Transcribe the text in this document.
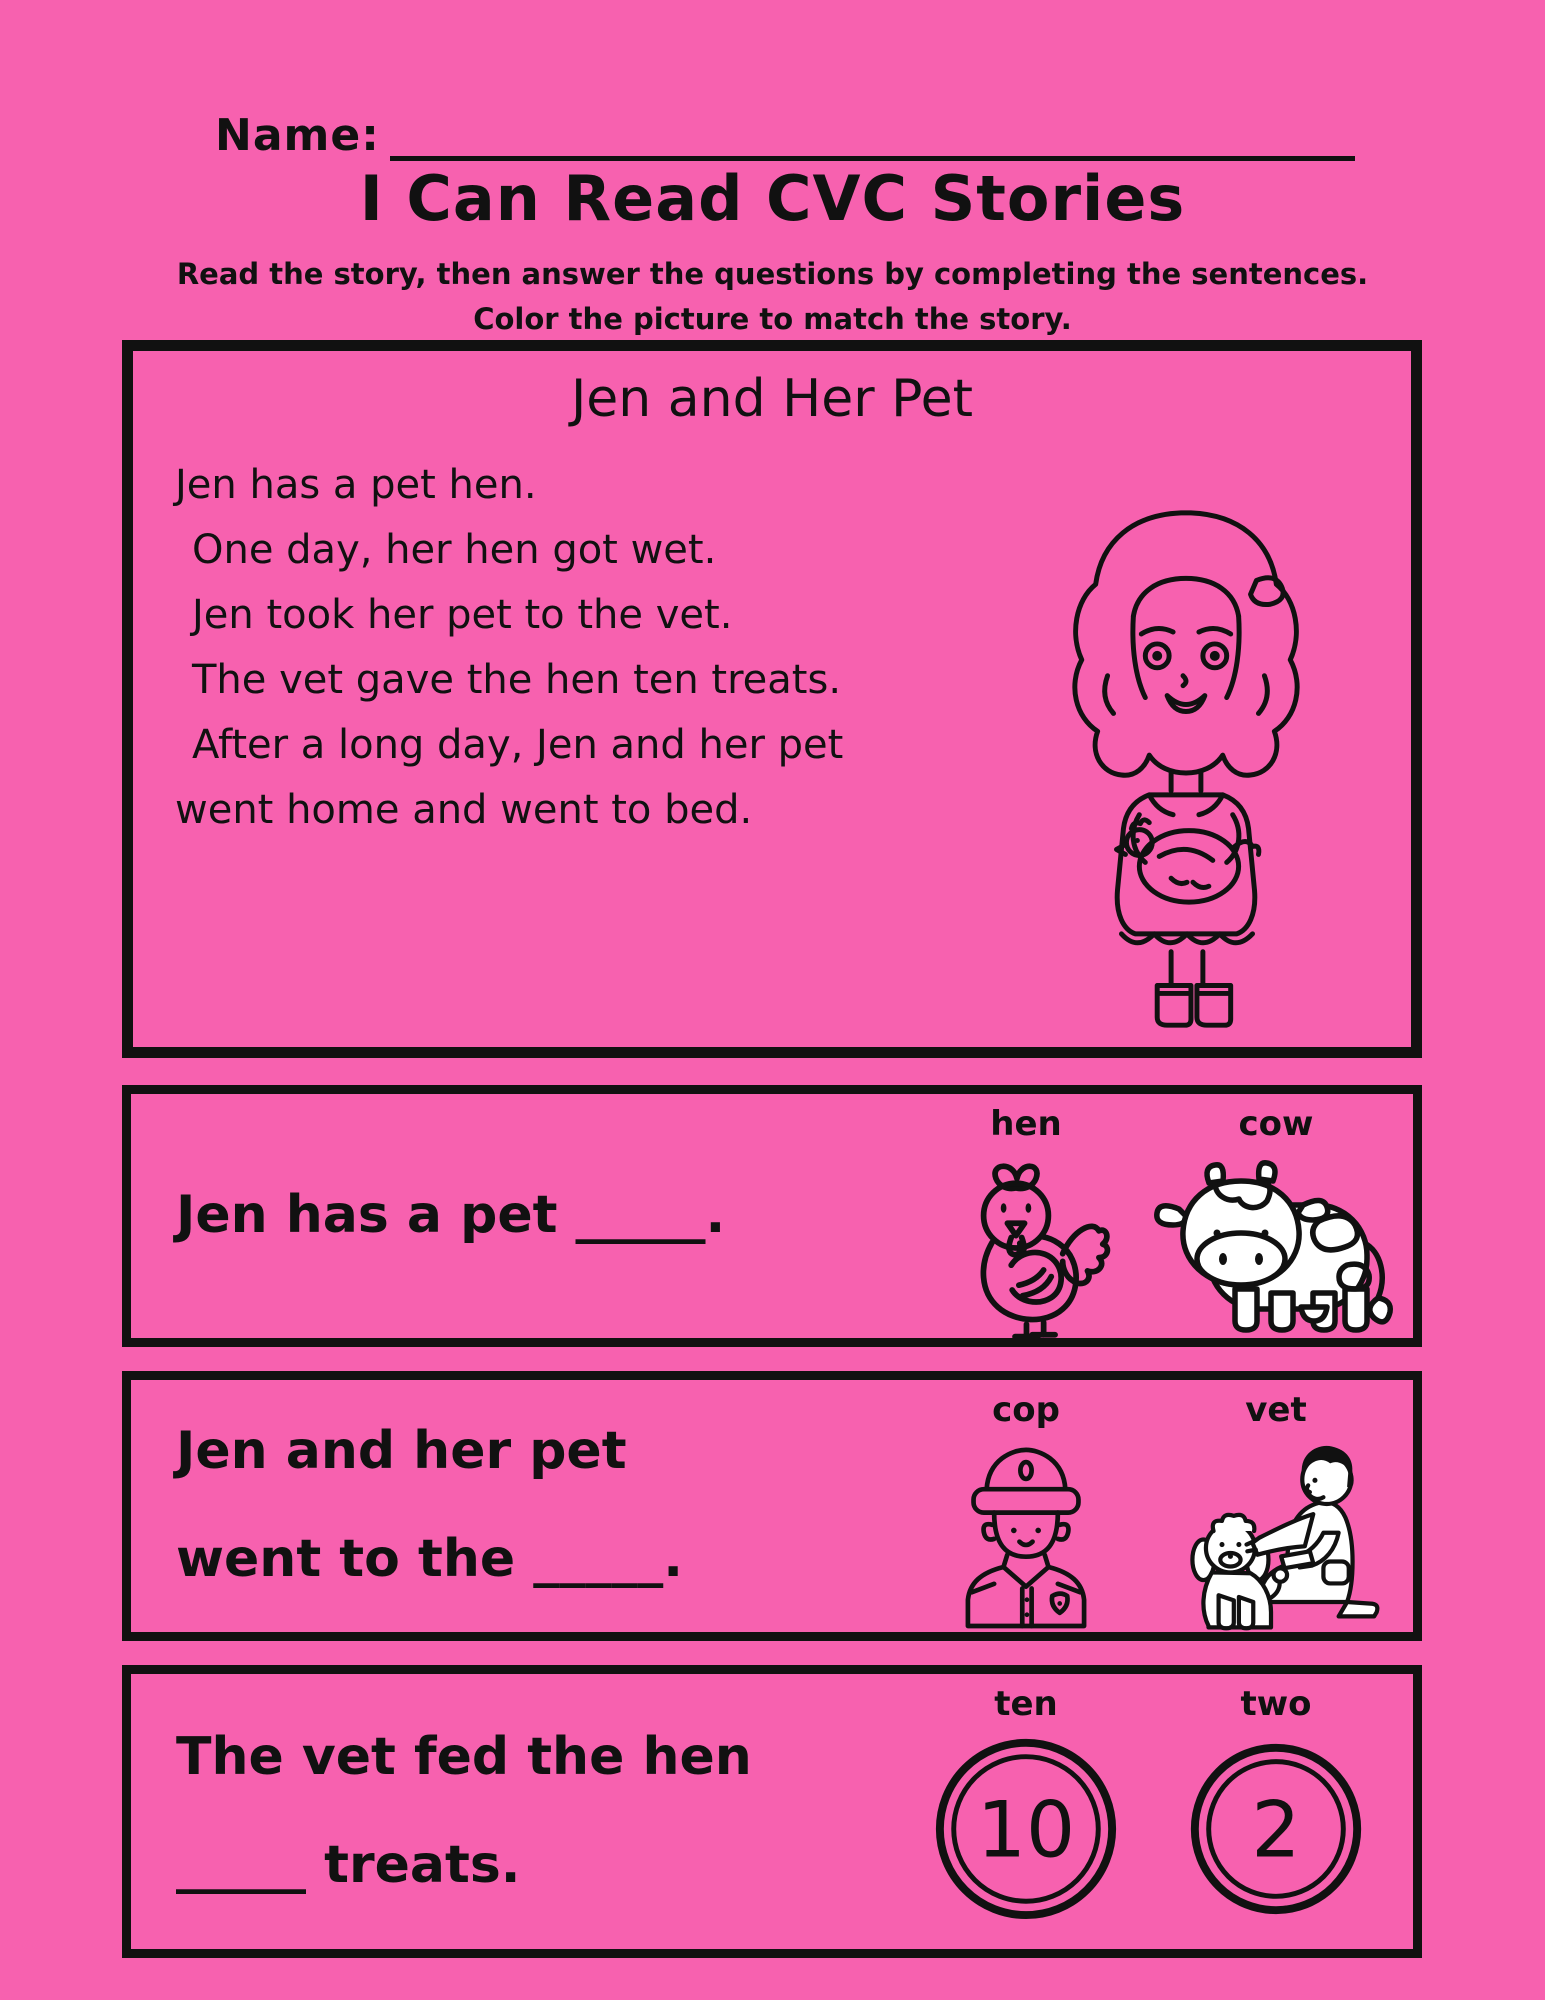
Name:
I Can Read CVC Stories
Read the story, then answer the questions by completing the sentences.
Color the picture to match the story.
Jen and Her Pet
Jen has a pet hen.
One day, her hen got wet.
Jen took her pet to the vet.
The vet gave the hen ten treats.
After a long day, Jen and her pet
went home and went to bed.
Jen has a pet _____.
hen	cow
Jen and her pet
went to the _____.
cop	vet
The vet fed the hen
_____ treats.
ten
10
two
2
